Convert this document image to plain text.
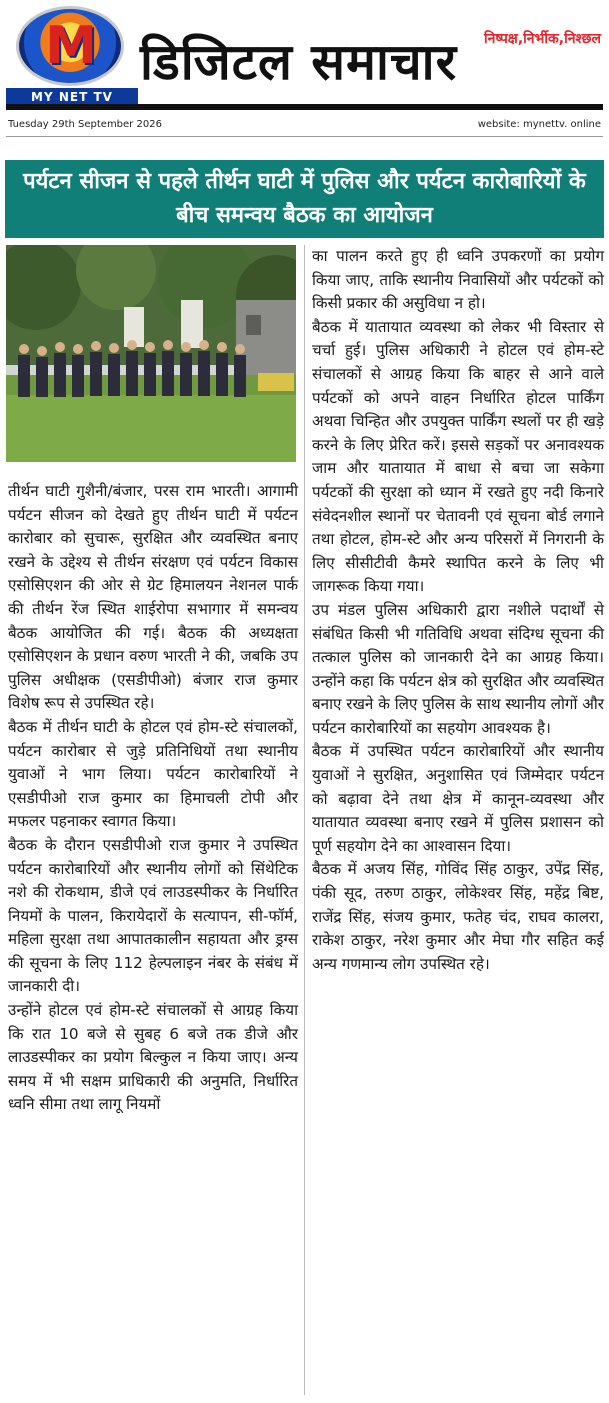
M
MY NET TV
डिजिटल समाचार	निष्पक्ष,निर्भीक,निश्छल
Tuesday 29th September 2026	website: mynettv. online
पर्यटन सीजन से पहले तीर्थन घाटी में पुलिस और पर्यटन कारोबारियों के बीच समन्वय बैठक का आयोजन

तीर्थन घाटी गुशैनी/बंजार, परस राम भारती। आगामी पर्यटन सीजन को देखते हुए तीर्थन घाटी में पर्यटन कारोबार को सुचारू, सुरक्षित और व्यवस्थित बनाए रखने के उद्देश्य से तीर्थन संरक्षण एवं पर्यटन विकास एसोसिएशन की ओर से ग्रेट हिमालयन नेशनल पार्क की तीर्थन रेंज स्थित शाईरोपा सभागार में समन्वय बैठक आयोजित की गई। बैठक की अध्यक्षता एसोसिएशन के प्रधान वरुण भारती ने की, जबकि उप पुलिस अधीक्षक (एसडीपीओ) बंजार राज कुमार विशेष रूप से उपस्थित रहे।

बैठक में तीर्थन घाटी के होटल एवं होम-स्टे संचालकों, पर्यटन कारोबार से जुड़े प्रतिनिधियों तथा स्थानीय युवाओं ने भाग लिया। पर्यटन कारोबारियों ने एसडीपीओ राज कुमार का हिमाचली टोपी और मफलर पहनाकर स्वागत किया।

बैठक के दौरान एसडीपीओ राज कुमार ने उपस्थित पर्यटन कारोबारियों और स्थानीय लोगों को सिंथेटिक नशे की रोकथाम, डीजे एवं लाउडस्पीकर के निर्धारित नियमों के पालन, किरायेदारों के सत्यापन, सी-फॉर्म, महिला सुरक्षा तथा आपातकालीन सहायता और ड्रग्स की सूचना के लिए 112 हेल्पलाइन नंबर के संबंध में जानकारी दी।

उन्होंने होटल एवं होम-स्टे संचालकों से आग्रह किया कि रात 10 बजे से सुबह 6 बजे तक डीजे और लाउडस्पीकर का प्रयोग बिल्कुल न किया जाए। अन्य समय में भी सक्षम प्राधिकारी की अनुमति, निर्धारित ध्वनि सीमा तथा लागू नियमों

का पालन करते हुए ही ध्वनि उपकरणों का प्रयोग किया जाए, ताकि स्थानीय निवासियों और पर्यटकों को किसी प्रकार की असुविधा न हो।

बैठक में यातायात व्यवस्था को लेकर भी विस्तार से चर्चा हुई। पुलिस अधिकारी ने होटल एवं होम-स्टे संचालकों से आग्रह किया कि बाहर से आने वाले पर्यटकों को अपने वाहन निर्धारित होटल पार्किंग अथवा चिन्हित और उपयुक्त पार्किंग स्थलों पर ही खड़े करने के लिए प्रेरित करें। इससे सड़कों पर अनावश्यक जाम और यातायात में बाधा से बचा जा सकेगा पर्यटकों की सुरक्षा को ध्यान में रखते हुए नदी किनारे संवेदनशील स्थानों पर चेतावनी एवं सूचना बोर्ड लगाने तथा होटल, होम-स्टे और अन्य परिसरों में निगरानी के लिए सीसीटीवी कैमरे स्थापित करने के लिए भी जागरूक किया गया।

उप मंडल पुलिस अधिकारी द्वारा नशीले पदार्थों से संबंधित किसी भी गतिविधि अथवा संदिग्ध सूचना की तत्काल पुलिस को जानकारी देने का आग्रह किया। उन्होंने कहा कि पर्यटन क्षेत्र को सुरक्षित और व्यवस्थित बनाए रखने के लिए पुलिस के साथ स्थानीय लोगों और पर्यटन कारोबारियों का सहयोग आवश्यक है।

बैठक में उपस्थित पर्यटन कारोबारियों और स्थानीय युवाओं ने सुरक्षित, अनुशासित एवं जिम्मेदार पर्यटन को बढ़ावा देने तथा क्षेत्र में कानून-व्यवस्था और यातायात व्यवस्था बनाए रखने में पुलिस प्रशासन को पूर्ण सहयोग देने का आश्वासन दिया।

बैठक में अजय सिंह, गोविंद सिंह ठाकुर, उपेंद्र सिंह, पंकी सूद, तरुण ठाकुर, लोकेश्वर सिंह, महेंद्र बिष्ट, राजेंद्र सिंह, संजय कुमार, फतेह चंद, राघव कालरा, राकेश ठाकुर, नरेश कुमार और मेघा गौर सहित कई अन्य गणमान्य लोग उपस्थित रहे।
